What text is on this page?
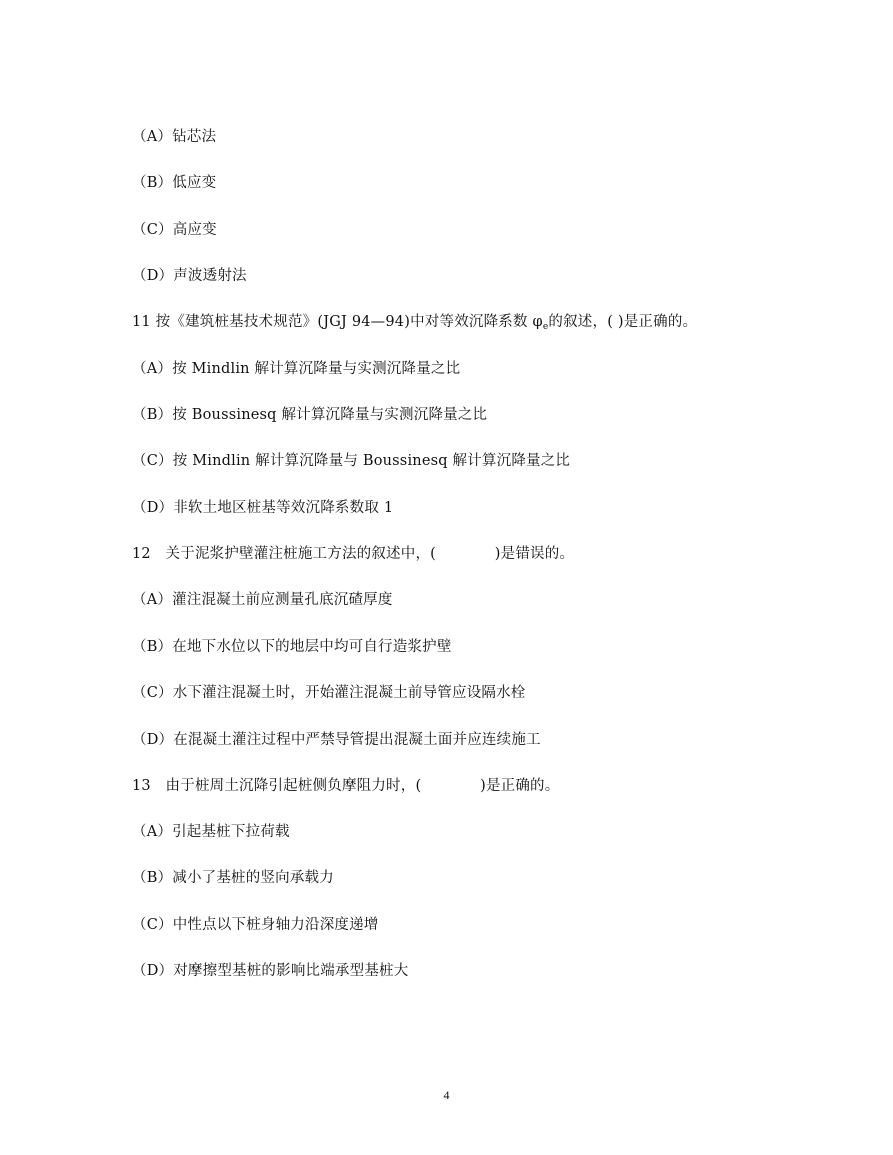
（A）钻芯法
（B）低应变
（C）高应变
（D）声波透射法
11 按《建筑桩基技术规范》(JGJ 94—94)中对等效沉降系数 $\varphi_e$的叙述，( )是正确的。
（A）按 Mindlin 解计算沉降量与实测沉降量之比
（B）按 Boussinesq 解计算沉降量与实测沉降量之比
（C）按 Mindlin 解计算沉降量与 Boussinesq 解计算沉降量之比
（D）非软土地区桩基等效沉降系数取 1
12　关于泥浆护壁灌注桩施工方法的叙述中，(　　　　)是错误的。
（A）灌注混凝土前应测量孔底沉碴厚度
（B）在地下水位以下的地层中均可自行造浆护壁
（C）水下灌注混凝土时，开始灌注混凝土前导管应设隔水栓
（D）在混凝土灌注过程中严禁导管提出混凝土面并应连续施工
13　由于桩周土沉降引起桩侧负摩阻力时，(　　　　)是正确的。
（A）引起基桩下拉荷载
（B）减小了基桩的竖向承载力
（C）中性点以下桩身轴力沿深度递增
（D）对摩擦型基桩的影响比端承型基桩大
4
